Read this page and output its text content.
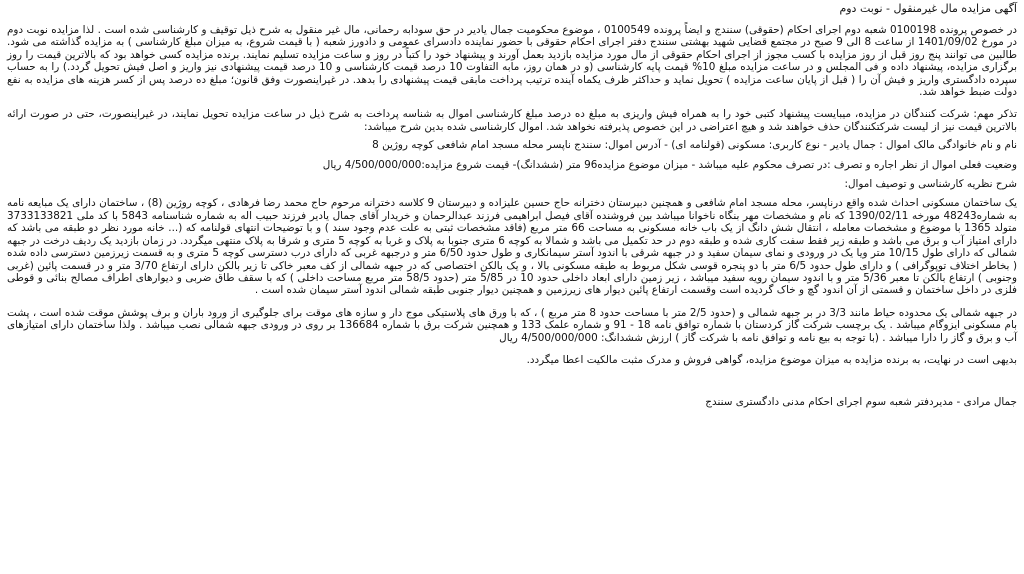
آگهی مزایده مال غیرمنقول - نوبت دوم

در خصوص پرونده 0100198 شعبه دوم اجرای احکام (حقوقی) سنندج و ایضاً پرونده 0100549 ، موضوع محکومیت جمال یادیر در حق سودابه رحمانی، مال غیر منقول به شرح ذیل توقیف و کارشناسی شده است . لذا مزایده نوبت دوم در مورخ 1401/09/02 از ساعت 8 الی 9 صبح در مجتمع قضایی شهید بهشتی سنندج دفتر اجرای احکام حقوقی با حضور نماینده دادسرای عمومی و دادورز شعبه ( با قیمت شروع، به میزان مبلغ کارشناسی ) به مزایده گذاشته می شود. طالبین می توانند پنج روز قبل از روز مزایده با کسب مجوز از اجرای احکام حقوقی از مال مورد مزایده بازدید بعمل آورند و پیشنهاد خود را کتباً در روز و ساعت مزایده تسلیم نمایند. برنده مزایده کسی خواهد بود که بالاترین قیمت را روز برگزاری مزایده، پیشنهاد داده و فی المجلس و در ساعت مزایده مبلغ 10% قیمت پایه کارشناسی (و در همان روز، مابه التفاوت 10 درصد قیمت کارشناسی و 10 درصد قیمت پیشنهادی نیز واریز و اصل فیش تحویل گردد.) را به حساب سپرده دادگستری واریز و فیش آن را ( قبل از پایان ساعت مزایده ) تحویل نماید و حداکثر ظرف یکماه آینده ترتیب پرداخت مابقی قیمت پیشنهادی را بدهد. در غیراینصورت وفق قانون؛ مبلغ ده درصد پس از کسر هزینه های مزایده به نفع دولت ضبط خواهد شد.

تذکر مهم: شرکت کنندگان در مزایده، میبایست پیشنهاد کتبی خود را به همراه فیش واریزی به مبلغ ده درصد مبلغ کارشناسی اموال به شناسه پرداخت به شرح ذیل در ساعت مزایده تحویل نمایند، در غیراینصورت، حتی در صورت ارائه بالاترین قیمت نیز از لیست شرکتکنندگان حذف خواهند شد و هیچ اعتراضی در این خصوص پذیرفته نخواهد شد. اموال کارشناسی شده بدین شرح میباشد:

نام و نام خانوادگی مالک اموال : جمال یادیر - نوع کاربری: مسکونی (قولنامه ای) - آدرس اموال: سنندج ناپسر محله مسجد امام شافعی کوچه روژین 8
وضعیت فعلی اموال از نظر اجاره و تصرف :در تصرف محکوم علیه میباشد - میزان موضوع مزایده96 متر (ششدانگ)- قیمت شروع مزایده:4/500/000/000 ریال
شرح نظریه کارشناسی و توصیف اموال:

یک ساختمان مسکونی احداث شده واقع درناپسر، محله مسجد امام شافعی و همچنین دبیرستان دخترانه حاج حسین علیزاده و دبیرستان 9 کلاسه دخترانه مرحوم حاج محمد رضا فرهادی ، کوچه روژین (8) ، ساختمان دارای یک مبایعه نامه به شماره48243 مورخه 1390/02/11 که نام و مشخصات مهر بنگاه ناخوانا میباشد بین فروشنده آقای فیصل ابراهیمی فرزند عبدالرحمان و خریدار آقای جمال یادیر فرزند حبیب اله به شماره شناسنامه 5843 با کد ملی 3733133821 متولد 1365 با موضوع و مشخصات معامله ، انتقال شش دانگ از یک باب خانه مسکونی به مساحت 66 متر مربع (فاقد مشخصات ثبتی به علت عدم وجود سند ) و با توضیحات انتهای قولنامه که (... خانه مورد نظر دو طبقه می باشد که دارای امتیاز آب و برق می باشد و طبقه زیر فقط سفت کاری شده و طبقه دوم در حد تکمیل می باشد و شمالا به کوچه 6 متری جنوبا به پلاک و غربا به کوچه 5 متری و شرقا به پلاک منتهی میگردد. در زمان بازدید یک ردیف درخت در جبهه شمالی که دارای طول 10/15 متر ویا یک در ورودی و نمای سیمان سفید و در جبهه شرقی با اندود آستر سیمانکاری و طول حدود 6/50 متر و درجبهه غربی که دارای درب دسترسی کوچه 5 متری و به قسمت زیرزمین دسترسی داده شده ( بخاطر اختلاف توپوگرافی ) و دارای طول حدود 6/5 متر با دو پنجره قوسی شکل مربوط به طبقه مسکونی بالا ، و یک بالکن اختصاصی که در جبهه شمالی از کف معبر خاکی تا زیر بالکن دارای ارتفاع 3/70 متر و در قسمت پائین (غربی وجنوبی ) ارتفاع بالکن تا معبر 5/36 متر و با اندود سیمان رویه سفید میباشد ، زیر زمین دارای ابعاد داخلی حدود 10 در 5/85 متر (حدود 58/5 متر مربع مساحت داخلی ) که با سقف طاق ضربی و دیوارهای اطراف مصالح بنائی و قوطی فلزی در داخل ساختمان و قسمتی از آن اندود گچ و خاک گردیده است وقسمت ارتفاع پائین دیوار های زیرزمین و همچنین دیوار جنوبی طبقه شمالی اندود آستر سیمان شده است .

در جبهه شمالی یک محدوده حیاط مانند 3/3 در بر جبهه شمالی و (حدود 2/5 متر با مساحت حدود 8 متر مربع ) ، که با ورق های پلاستیکی موج دار و سازه های موقت برای جلوگیری از ورود باران و برف پوشش موقت شده است ، پشت بام مسکونی ایزوگام میباشد . یک برچسب شرکت گاز کردستان با شماره توافق نامه 18 - 91 و شماره علمک 133 و همچنین شرکت برق با شماره 136684 بر روی در ورودی جبهه شمالی نصب میباشد . ولذا ساختمان دارای امتیازهای آب و برق و گاز را دارا میباشد . (با توجه به بیع نامه و توافق نامه با شرکت گاز ) ارزش ششدانگ: 4/500/000/000 ریال

بدیهی است در نهایت، به برنده مزایده به میزان موضوع مزایده، گواهی فروش و مدرک مثبت مالکیت اعطا میگردد.

جمال مرادی - مدیردفتر شعبه سوم اجرای احکام مدنی دادگستری سنندج
